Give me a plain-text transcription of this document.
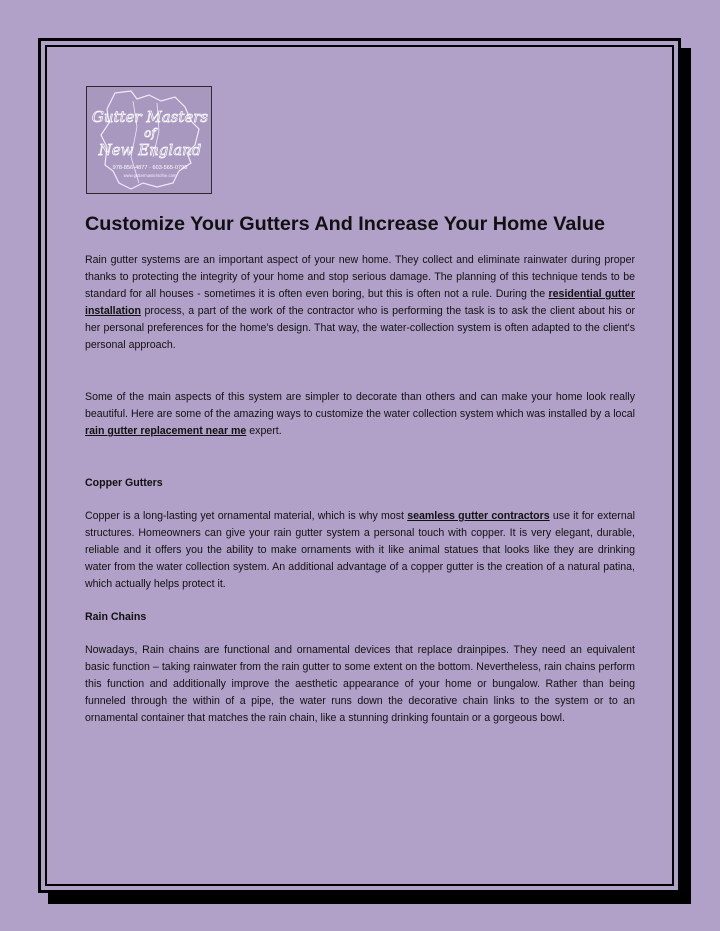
Gutter Masters
of
New England
978-856-4877 · 603-565-0798
www.guttermastersofne.com
Customize Your Gutters And Increase Your Home Value

Rain gutter systems are an important aspect of your new home. They collect and eliminate rainwater during proper thanks to protecting the integrity of your home and stop serious damage. The planning of this technique tends to be standard for all houses - sometimes it is often even boring, but this is often not a rule. During the residential gutter installation process, a part of the work of the contractor who is performing the task is to ask the client about his or her personal preferences for the home's design. That way, the water-collection system is often adapted to the client's personal approach.

Some of the main aspects of this system are simpler to decorate than others and can make your home look really beautiful. Here are some of the amazing ways to customize the water collection system which was installed by a local rain gutter replacement near me expert.

Copper Gutters

Copper is a long-lasting yet ornamental material, which is why most seamless gutter contractors use it for external structures. Homeowners can give your rain gutter system a personal touch with copper. It is very elegant, durable, reliable and it offers you the ability to make ornaments with it like animal statues that looks like they are drinking water from the water collection system. An additional advantage of a copper gutter is the creation of a natural patina, which actually helps protect it.

Rain Chains

Nowadays, Rain chains are functional and ornamental devices that replace drainpipes. They need an equivalent basic function – taking rainwater from the rain gutter to some extent on the bottom. Nevertheless, rain chains perform this function and additionally improve the aesthetic appearance of your home or bungalow. Rather than being funneled through the within of a pipe, the water runs down the decorative chain links to the system or to an ornamental container that matches the rain chain, like a stunning drinking fountain or a gorgeous bowl.
